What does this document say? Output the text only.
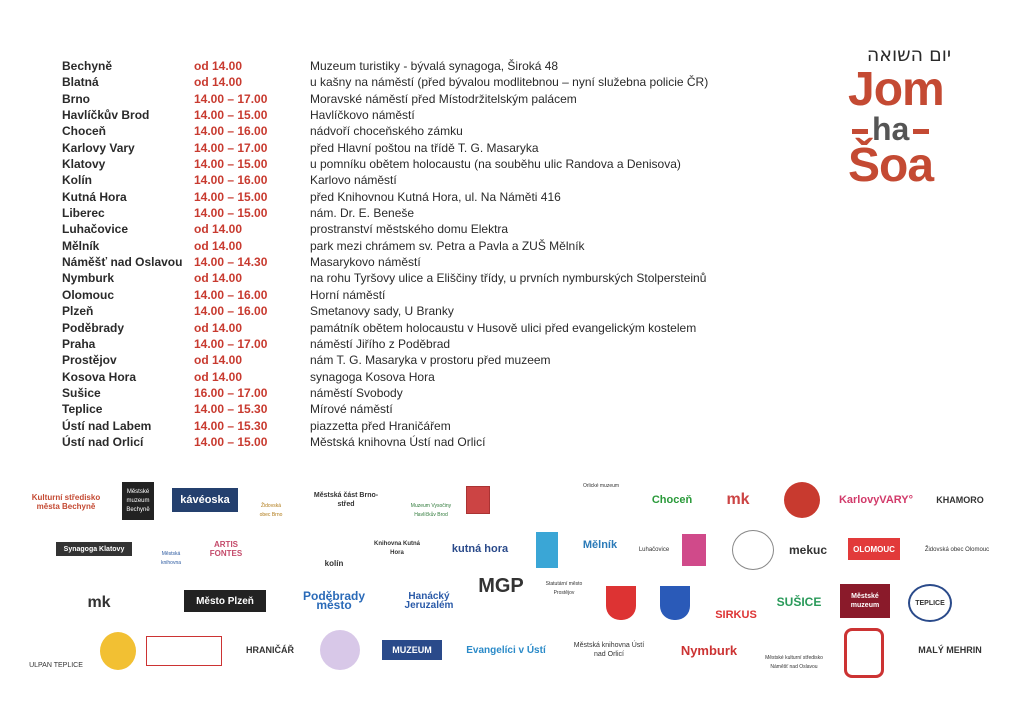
Bechyně	od 14.00	Muzeum turistiky - bývalá synagoga, Široká 48
Blatná	od 14.00	u kašny na náměstí (před bývalou modlitebnou – nyní služebna policie ČR)
Brno	14.00 – 17.00	Moravské náměstí před Místodržitelským palácem
Havlíčkův Brod	14.00 – 15.00	Havlíčkovo náměstí
Choceň	14.00 – 16.00	nádvoří choceňského zámku
Karlovy Vary	14.00 – 17.00	před Hlavní poštou na třídě T. G. Masaryka
Klatovy	14.00 – 15.00	u pomníku obětem holocaustu (na souběhu ulic Randova a Denisova)
Kolín	14.00 – 16.00	Karlovo náměstí
Kutná Hora	14.00 – 15.00	před Knihovnou Kutná Hora, ul. Na Náměti 416
Liberec	14.00 – 15.00	nám. Dr. E. Beneše
Luhačovice	od 14.00	prostranství městského domu Elektra
Mělník	od 14.00	park mezi chrámem sv. Petra a Pavla a ZUŠ Mělník
Náměšť nad Oslavou 14.00 – 14.30	Masarykovo náměstí
Nymburk	od 14.00	na rohu Tyršovy ulice a Eliščiny třídy, u prvních nymburských Stolpersteinů
Olomouc	14.00 – 16.00	Horní náměstí
Plzeň	14.00 – 16.00	Smetanovy sady, U Branky
Poděbrady	od 14.00	památník obětem holocaustu v Husově ulici před evangelickým kostelem
Praha	14.00 – 17.00	náměstí Jiřího z Poděbrad
Prostějov	od 14.00	nám T. G. Masaryka v prostoru před muzeem
Kosova Hora	od 14.00	synagoga Kosova Hora
Sušice	16.00 – 17.00	náměstí Svobody
Teplice	14.00 – 15.30	Mírové náměstí
Ústí nad Labem	14.00 – 15.30	piazzetta před Hraničářem
Ústí nad Orlicí	14.00 – 15.00	Městská knihovna Ústí nad Orlicí
יום השואה
Jom
ha
Šoa
Kulturní středisko města Bechyně
Městské muzeum Bechyně
kávéoska
Židovská obec Brno
Městská část Brno-střed	Muzeum Vysočiny Havlíčkův Brod
Orlické muzeum
Choceň	mk	KarlovyVARY°	KHAMORO
Synagoga Klatovy
Městská knihovna
ARTIS FONTES
kolín
Knihovna Kutná Hora	kutná hora	Mělník	Luhačovice	mekuc	OLOMOUC	Židovská obec Olomouc
mk	Město Plzeň	Poděbrady město
Hanácký Jeruzalém
MGP	Statutární město Prostějov
SIRKUS
SUŠICE	Městské muzeum	TEPLICE
ULPAN TEPLICE
HRANIČÁŘ	MUZEUM	Evangelíci v Ústí	Městská knihovna Ústí nad Orlicí	Nymburk
Městské kulturní středisko Náměšť nad Oslavou
MALÝ MEHRIN
